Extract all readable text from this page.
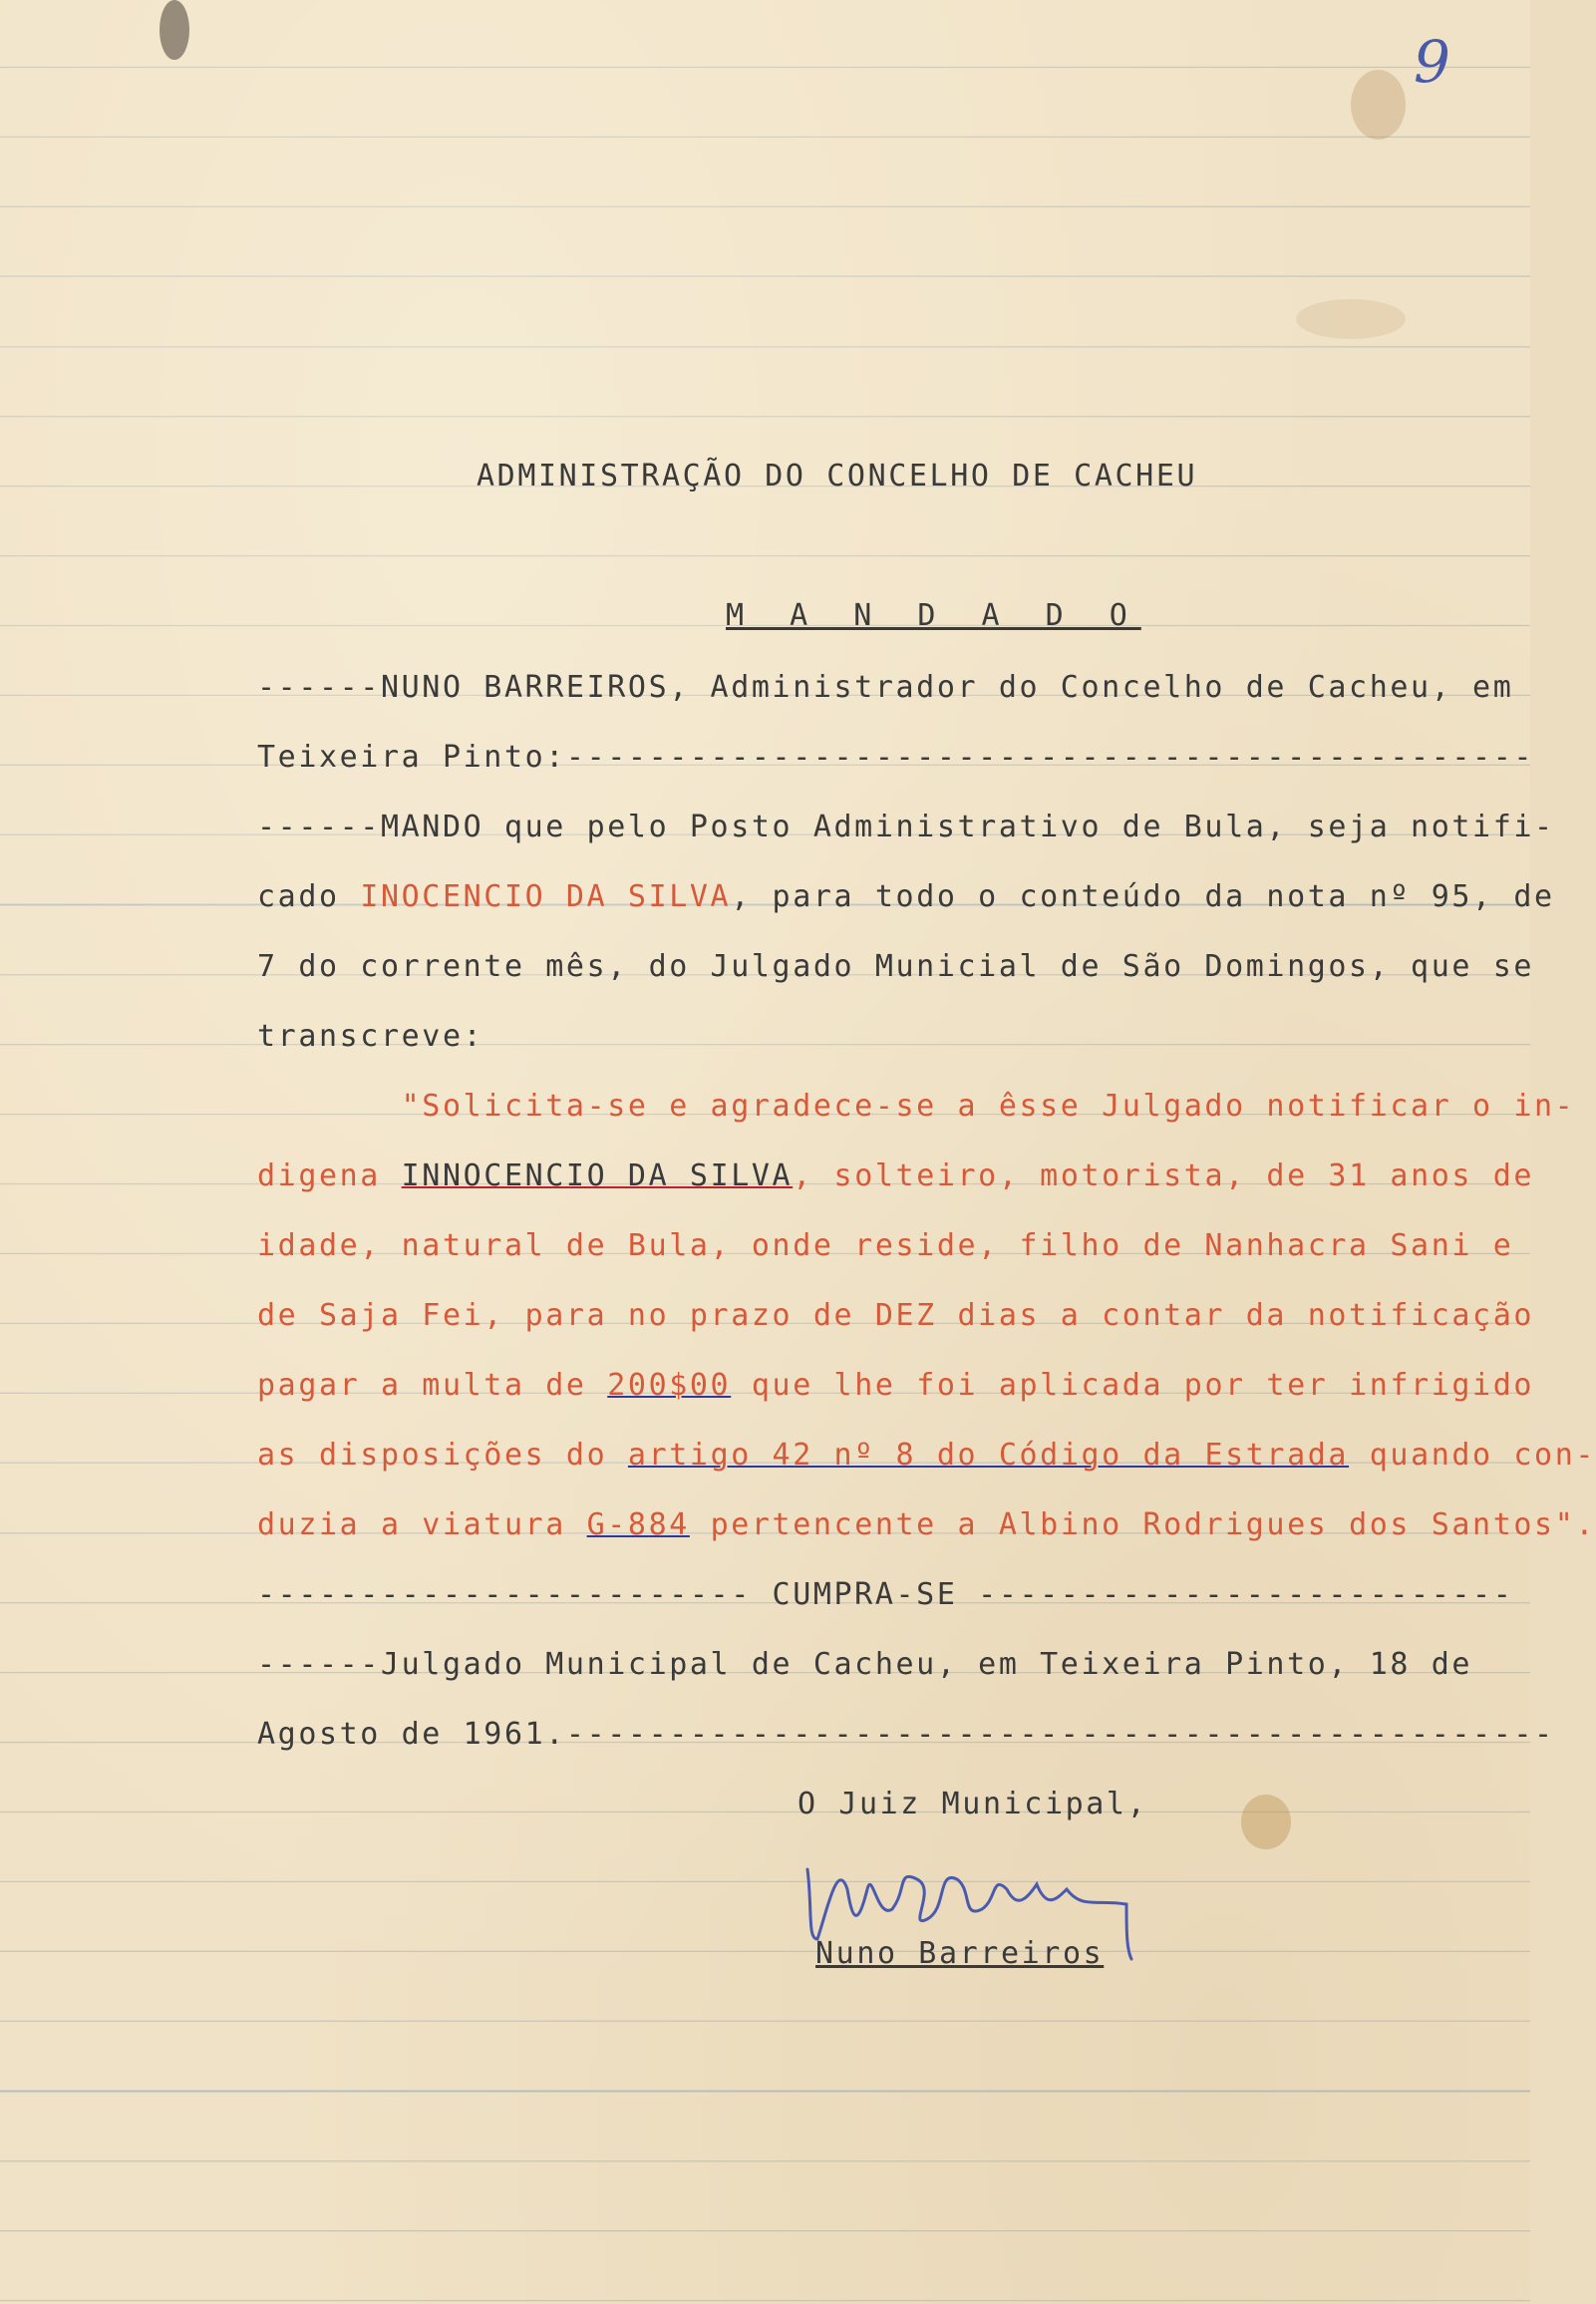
9
ADMINISTRAÇÃO DO CONCELHO DE CACHEU
M A N D A D O
------NUNO BARREIROS, Administrador do Concelho de Cacheu, em
Teixeira Pinto:-----------------------------------------------
------MANDO que pelo Posto Administrativo de Bula, seja notifi-
cado INOCENCIO DA SILVA, para todo o conteúdo da nota nº 95, de
7 do corrente mês, do Julgado Municial de São Domingos, que se
transcreve:
"Solicita-se e agradece-se a êsse Julgado notificar o in-
digena INNOCENCIO DA SILVA, solteiro, motorista, de 31 anos de
idade, natural de Bula, onde reside, filho de Nanhacra Sani e
de Saja Fei, para no prazo de DEZ dias a contar da notificação
pagar a multa de 200$00 que lhe foi aplicada por ter infrigido
as disposições do artigo 42 nº 8 do Código da Estrada quando con-
duzia a viatura G-884 pertencente a Albino Rodrigues dos Santos".
------------------------ CUMPRA-SE --------------------------
------Julgado Municipal de Cacheu, em Teixeira Pinto, 18 de
Agosto de 1961.------------------------------------------------
O Juiz Municipal,
Nuno Barreiros
